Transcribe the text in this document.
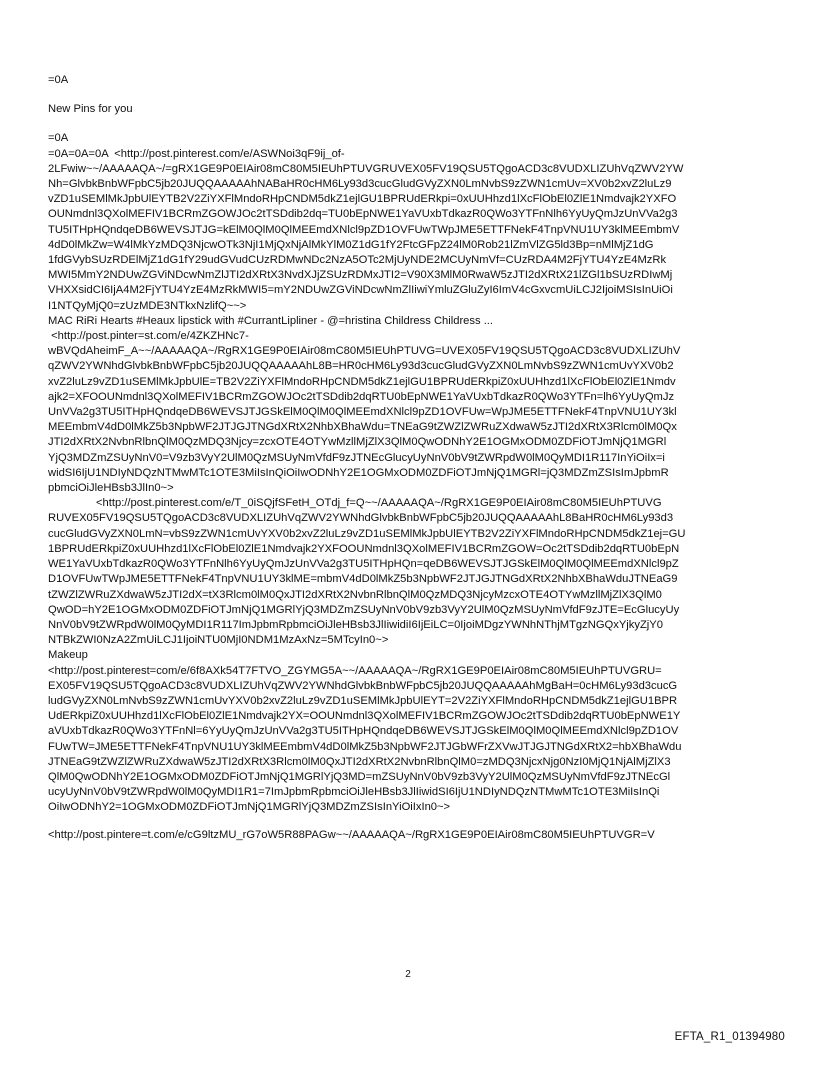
=0A
New Pins for you
=0A
=0A=0A=0A  <http://post.pinterest.com/e/ASWNoi3qF9ij_of-
2LFwiw~~/AAAAAQA~/=gRX1GE9P0EIAir08mC80M5IEUhPTUVGRUVEX05FV19QSU5TQgoACD3c8VUDXLIZUhVqZWV2YW
Nh=GlvbkBnbWFpbC5jb20JUQQAAAAAhNABaHR0cHM6Ly93d3cucGludGVyZXN0LmNvbS9zZWN1cmUv=XV0b2xvZ2luLz9
vZD1uSEMlMkJpbUlEYTB2V2ZiYXFlMndoRHpCNDM5dkZ1ejlGU1BPRUdERkpi=0xUUHhzd1lXcFlObEl0ZlE1Nmdvajk2YXFO
OUNmdnl3QXolMEFIV1BCRmZGOWJOc2tTSDdib2dq=TU0bEpNWE1YaVUxbTdkazR0QWo3YTFnNlh6YyUyQmJzUnVVa2g3
TU5ITHpHQndqeDB6WEVSJTJG=kElM0QlM0QlMEEmdXNlcl9pZD1OVFUwTWpJME5ETTFNekF4TnpVNU1UY3klMEEmbmV
4dD0lMkZw=W4lMkYzMDQ3NjcwOTk3NjI1MjQxNjAlMkYlM0Z1dG1fY2FtcGFpZ24lM0Rob21lZmVlZG5ld3Bp=nMlMjZ1dG
1fdGVybSUzRDElMjZ1dG1fY29udGVudCUzRDMwNDc2NzA5OTc2MjUyNDE2MCUyNmVf=CUzRDA4M2FjYTU4YzE4MzRk
MWI5MmY2NDUwZGViNDcwNmZlJTI2dXRtX3NvdXJjZSUzRDMxJTI2=V90X3MlM0RwaW5zJTI2dXRtX21lZGl1bSUzRDIwMj
VHXXsidCI6IjA4M2FjYTU4YzE4MzRkMWI5=mY2NDUwZGViNDcwNmZlIiwiYmluZGluZyI6ImV4cGxvcmUiLCJ2IjoiMSIsInUiOi
I1NTQyMjQ0=zUzMDE3NTkxNzlifQ~~>
MAC RiRi Hearts #Heaux lipstick with #CurrantLipliner - @=hristina Childress Childress ...
<http://post.pinter=st.com/e/4ZKZHNc7-
wBVQdAheimF_A~~/AAAAAQA~/RgRX1GE9P0EIAir08mC80M5IEUhPTUVG=UVEX05FV19QSU5TQgoACD3c8VUDXLIZUhV
qZWV2YWNhdGlvbkBnbWFpbC5jb20JUQQAAAAAhL8B=HR0cHM6Ly93d3cucGludGVyZXN0LmNvbS9zZWN1cmUvYXV0b2
xvZ2luLz9vZD1uSEMlMkJpbUlE=TB2V2ZiYXFlMndoRHpCNDM5dkZ1ejlGU1BPRUdERkpiZ0xUUHhzd1lXcFlObEl0ZlE1Nmdv
ajk2=XFOOUNmdnl3QXolMEFIV1BCRmZGOWJOc2tTSDdib2dqRTU0bEpNWE1YaVUxbTdkazR0QWo3YTFn=lh6YyUyQmJz
UnVVa2g3TU5ITHpHQndqeDB6WEVSJTJGSkElM0QlM0QlMEEmdXNlcl9pZD1OVFUw=WpJME5ETTFNekF4TnpVNU1UY3kl
MEEmbmV4dD0lMkZ5b3NpbWF2JTJGJTNGdXRtX2NhbXBhaWdu=TNEaG9tZWZlZWRuZXdwaW5zJTI2dXRtX3Rlcm0lM0Qx
JTI2dXRtX2NvbnRlbnQlM0QzMDQ3Njcy=zcxOTE4OTYwMzllMjZlX3QlM0QwODNhY2E1OGMxODM0ZDFiOTJmNjQ1MGRl
YjQ3MDZmZSUyNnV0=V9zb3VyY2UlM0QzMSUyNmVfdF9zJTNEcGlucyUyNnV0bV9tZWRpdW0lM0QyMDI1R117InYiOiIx=i
widSI6IjU1NDIyNDQzNTMwMTc1OTE3MiIsInQiOiIwODNhY2E1OGMxODM0ZDFiOTJmNjQ1MGRl=jQ3MDZmZSIsImJpbmR
pbmciOiJleHBsb3JlIn0~>
<http://post.pinterest.com/e/T_0iSQjfSFetH_OTdj_f=Q~~/AAAAAQA~/RgRX1GE9P0EIAir08mC80M5IEUhPTUVG
RUVEX05FV19QSU5TQgoACD3c8VUDXLIZUhVqZWV2YWNhdGlvbkBnbWFpbC5jb20JUQQAAAAAhL8BaHR0cHM6Ly93d3
cucGludGVyZXN0LmN=vbS9zZWN1cmUvYXV0b2xvZ2luLz9vZD1uSEMlMkJpbUlEYTB2V2ZiYXFlMndoRHpCNDM5dkZ1ej=GU
1BPRUdERkpiZ0xUUHhzd1lXcFlObEl0ZlE1Nmdvajk2YXFOOUNmdnl3QXolMEFIV1BCRmZGOW=Oc2tTSDdib2dqRTU0bEpN
WE1YaVUxbTdkazR0QWo3YTFnNlh6YyUyQmJzUnVVa2g3TU5ITHpHQn=qeDB6WEVSJTJGSkElM0QlM0QlMEEmdXNlcl9pZ
D1OVFUwTWpJME5ETTFNekF4TnpVNU1UY3klME=mbmV4dD0lMkZ5b3NpbWF2JTJGJTNGdXRtX2NhbXBhaWduJTNEaG9
tZWZlZWRuZXdwaW5zJTI2dX=tX3Rlcm0lM0QxJTI2dXRtX2NvbnRlbnQlM0QzMDQ3NjcyMzcxOTE4OTYwMzllMjZlX3QlM0
QwOD=hY2E1OGMxODM0ZDFiOTJmNjQ1MGRlYjQ3MDZmZSUyNnV0bV9zb3VyY2UlM0QzMSUyNmVfdF9zJTE=EcGlucyUy
NnV0bV9tZWRpdW0lM0QyMDI1R117ImJpbmRpbmciOiJleHBsb3JlIiwidiI6IjEiLC=0IjoiMDgzYWNhNThjMTgzNGQxYjkyZjY0
NTBkZWI0NzA2ZmUiLCJ1IjoiNTU0MjI0NDM1MzAxNz=5MTcyIn0~>
Makeup
<http://post.pinterest=com/e/6f8AXk54T7FTVO_ZGYMG5A~~/AAAAAQA~/RgRX1GE9P0EIAir08mC80M5IEUhPTUVGRU=
EX05FV19QSU5TQgoACD3c8VUDXLIZUhVqZWV2YWNhdGlvbkBnbWFpbC5jb20JUQQAAAAAhMgBaH=0cHM6Ly93d3cucG
ludGVyZXN0LmNvbS9zZWN1cmUvYXV0b2xvZ2luLz9vZD1uSEMlMkJpbUlEYT=2V2ZiYXFlMndoRHpCNDM5dkZ1ejlGU1BPR
UdERkpiZ0xUUHhzd1lXcFlObEl0ZlE1Nmdvajk2YX=OOUNmdnl3QXolMEFIV1BCRmZGOWJOc2tTSDdib2dqRTU0bEpNWE1Y
aVUxbTdkazR0QWo3YTFnNl=6YyUyQmJzUnVVa2g3TU5ITHpHQndqeDB6WEVSJTJGSkElM0QlM0QlMEEmdXNlcl9pZD1OV
FUwTW=JME5ETTFNekF4TnpVNU1UY3klMEEmbmV4dD0lMkZ5b3NpbWF2JTJGbWFrZXVwJTJGJTNGdXRtX2=hbXBhaWdu
JTNEaG9tZWZlZWRuZXdwaW5zJTI2dXRtX3Rlcm0lM0QxJTI2dXRtX2NvbnRlbnQlM0=zMDQ3NjcxNjg0NzI0MjQ1NjAlMjZlX3
QlM0QwODNhY2E1OGMxODM0ZDFiOTJmNjQ1MGRlYjQ3MD=mZSUyNnV0bV9zb3VyY2UlM0QzMSUyNmVfdF9zJTNEcGl
ucyUyNnV0bV9tZWRpdW0lM0QyMDI1R1=7ImJpbmRpbmciOiJleHBsb3JlIiwidSI6IjU1NDIyNDQzNTMwMTc1OTE3MiIsInQi
OiIwODNhY2=1OGMxODM0ZDFiOTJmNjQ1MGRlYjQ3MDZmZSIsInYiOiIxIn0~>
<http://post.pintere=t.com/e/cG9ltzMU_rG7oW5R88PAGw~~/AAAAAQA~/RgRX1GE9P0EIAir08mC80M5IEUhPTUVGR=V
2
EFTA_R1_01394980
